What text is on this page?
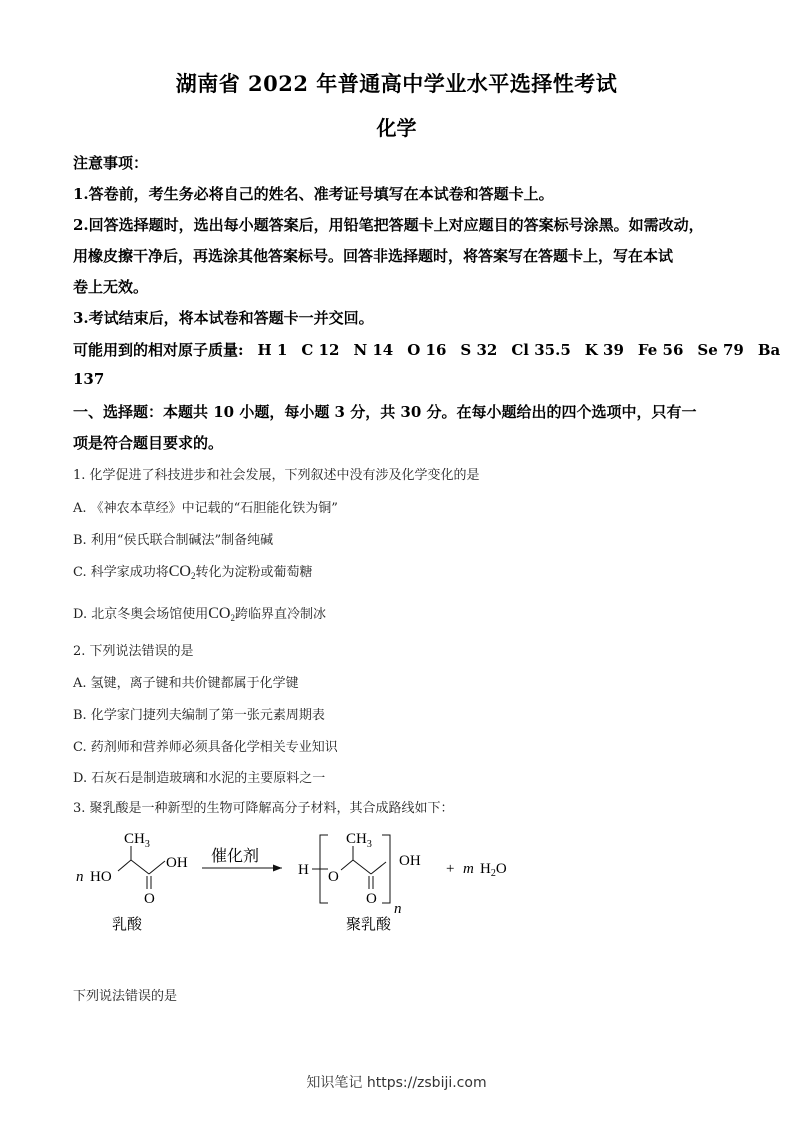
湖南省 2022 年普通高中学业水平选择性考试
化学
注意事项：
1.答卷前，考生务必将自己的姓名、准考证号填写在本试卷和答题卡上。
2.回答选择题时，选出每小题答案后，用铅笔把答题卡上对应题目的答案标号涂黑。如需改动，
用橡皮擦干净后，再选涂其他答案标号。回答非选择题时，将答案写在答题卡上，写在本试
卷上无效。
3.考试结束后，将本试卷和答题卡一并交回。
可能用到的相对原子质量: H 1 C 12 N 14 O 16 S 32 Cl 35.5 K 39 Fe 56 Se 79 Ba
137
一、选择题：本题共 10 小题，每小题 3 分，共 30 分。在每小题给出的四个选项中，只有一
项是符合题目要求的。
1. 化学促进了科技进步和社会发展，下列叙述中没有涉及化学变化的是
A. 《神农本草经》中记载的“石胆能化铁为铜”
B. 利用“侯氏联合制碱法”制备纯碱
C. 科学家成功将$CO_2$转化为淀粉或葡萄糖
D. 北京冬奥会场馆使用$CO_2$跨临界直冷制冰
2. 下列说法错误的是
A. 氢键，离子键和共价键都属于化学键
B. 化学家门捷列夫编制了第一张元素周期表
C. 药剂师和营养师必须具备化学相关专业知识
D. 石灰石是制造玻璃和水泥的主要原料之一
3. 聚乳酸是一种新型的生物可降解高分子材料，其合成路线如下：
n HO
$CH_3$
O
OH
乳酸
催化剂
H O
$CH_3$
O
n
OH
聚乳酸
+ m $H_2O$
下列说法错误的是
知识笔记 https://zsbiji.com
